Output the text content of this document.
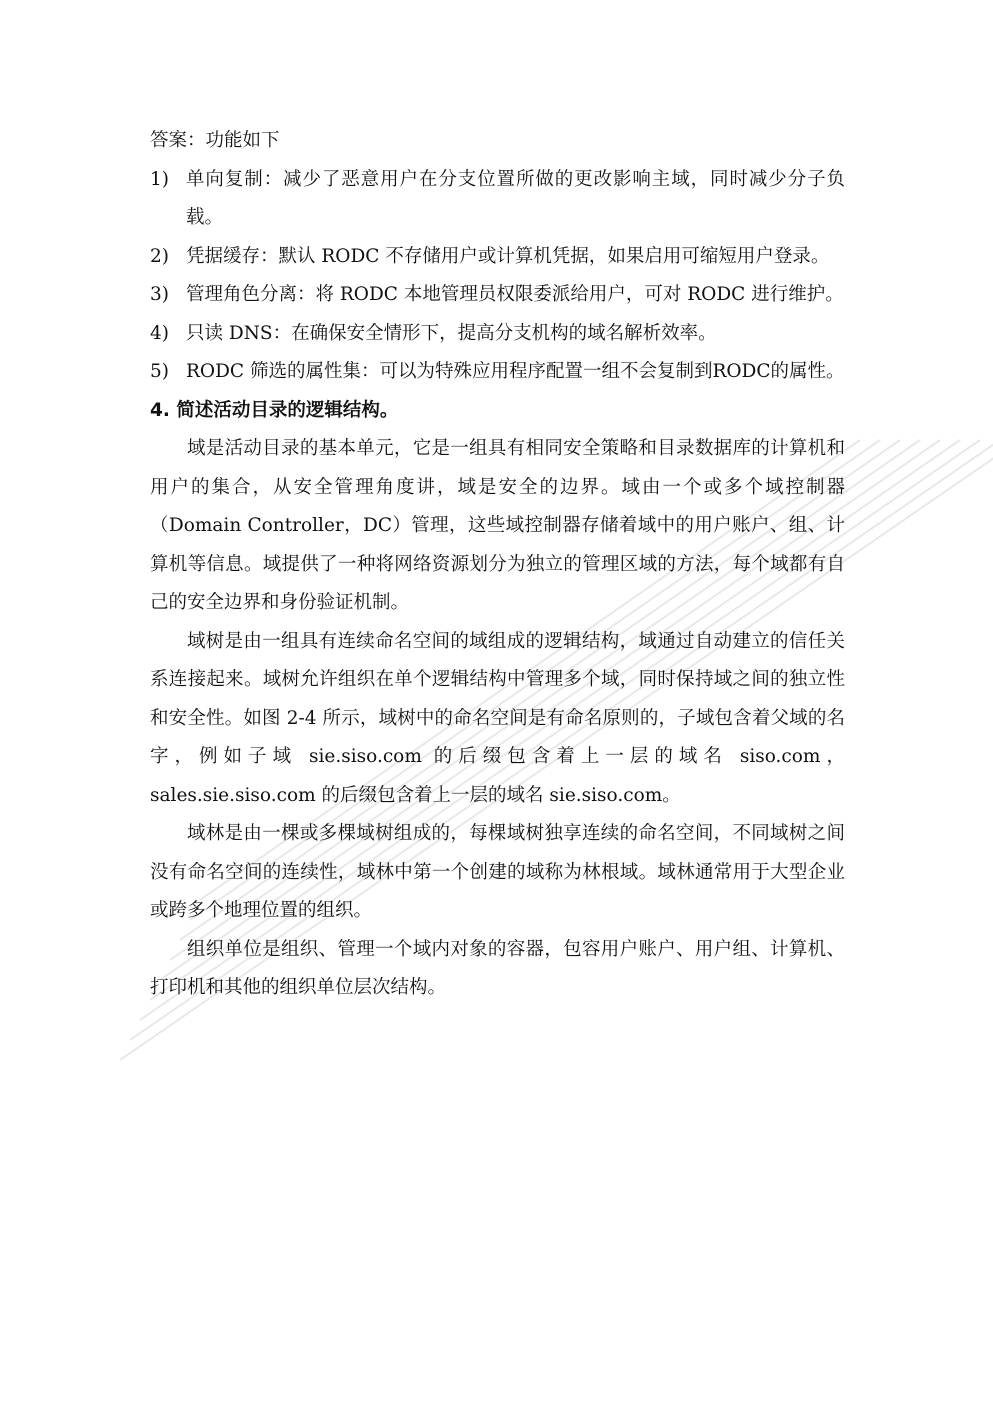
答案：功能如下
1) 单向复制：减少了恶意用户在分支位置所做的更改影响主域，同时减少分子负载。
2) 凭据缓存：默认 RODC 不存储用户或计算机凭据，如果启用可缩短用户登录。
3) 管理角色分离：将 RODC 本地管理员权限委派给用户，可对 RODC 进行维护。
4) 只读 DNS：在确保安全情形下，提高分支机构的域名解析效率。
5) RODC 筛选的属性集：可以为特殊应用程序配置一组不会复制到RODC的属性。
4. 简述活动目录的逻辑结构。

域是活动目录的基本单元，它是一组具有相同安全策略和目录数据库的计算机和用户的集合，从安全管理角度讲，域是安全的边界。域由一个或多个域控制器（Domain Controller，DC）管理，这些域控制器存储着域中的用户账户、组、计算机等信息。域提供了一种将网络资源划分为独立的管理区域的方法，每个域都有自己的安全边界和身份验证机制。

域树是由一组具有连续命名空间的域组成的逻辑结构，域通过自动建立的信任关系连接起来。域树允许组织在单个逻辑结构中管理多个域，同时保持域之间的独立性和安全性。如图 2-4 所示，域树中的命名空间是有命名原则的，子域包含着父域的名字，例如子域 sie.siso.com 的后缀包含着上一层的域名 siso.com，sales.sie.siso.com 的后缀包含着上一层的域名 sie.siso.com。

域林是由一棵或多棵域树组成的，每棵域树独享连续的命名空间，不同域树之间没有命名空间的连续性，域林中第一个创建的域称为林根域。域林通常用于大型企业或跨多个地理位置的组织。

组织单位是组织、管理一个域内对象的容器，包容用户账户、用户组、计算机、打印机和其他的组织单位层次结构。
